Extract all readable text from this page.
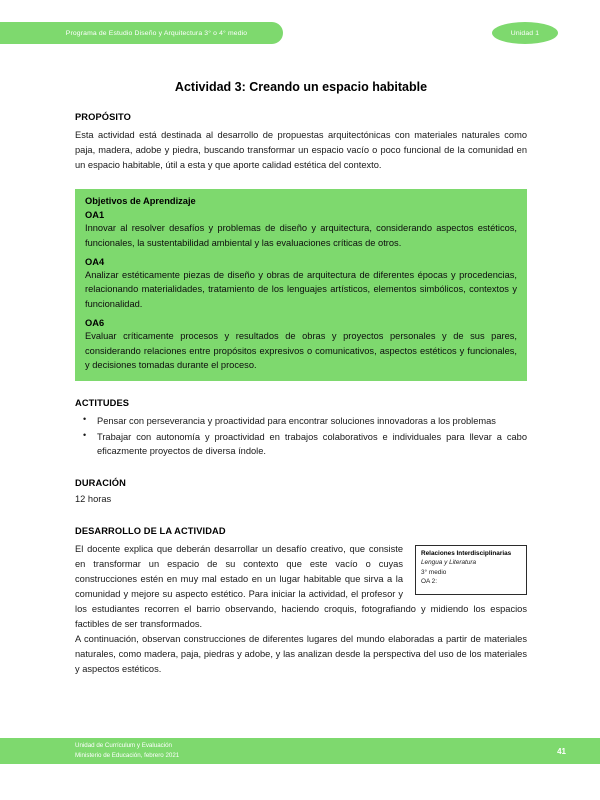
Programa de Estudio Diseño y Arquitectura 3° o 4° medio	Unidad 1
Actividad 3: Creando un espacio habitable
PROPÓSITO

Esta actividad está destinada al desarrollo de propuestas arquitectónicas con materiales naturales como paja, madera, adobe y piedra, buscando transformar un espacio vacío o poco funcional de la comunidad en un espacio habitable, útil a esta y que aporte calidad estética del contexto.

Objetivos de Aprendizaje
OA1

Innovar al resolver desafíos y problemas de diseño y arquitectura, considerando aspectos estéticos, funcionales, la sustentabilidad ambiental y las evaluaciones críticas de otros.

OA4

Analizar estéticamente piezas de diseño y obras de arquitectura de diferentes épocas y procedencias, relacionando materialidades, tratamiento de los lenguajes artísticos, elementos simbólicos, contextos y funcionalidad.

OA6

Evaluar críticamente procesos y resultados de obras y proyectos personales y de sus pares, considerando relaciones entre propósitos expresivos o comunicativos, aspectos estéticos y funcionales, y decisiones tomadas durante el proceso.

ACTITUDES
• Pensar con perseverancia y proactividad para encontrar soluciones innovadoras a los problemas
• Trabajar con autonomía y proactividad en trabajos colaborativos e individuales para llevar a cabo eficazmente proyectos de diversa índole.
DURACIÓN

12 horas

DESARROLLO DE LA ACTIVIDAD
Relaciones Interdisciplinarias
Lengua y Literatura
3° medio
OA 2:

El docente explica que deberán desarrollar un desafío creativo, que consiste en transformar un espacio de su contexto que este vacío o cuyas construcciones estén en muy mal estado en un lugar habitable que sirva a la comunidad y mejore su aspecto estético. Para iniciar la actividad, el profesor y los estudiantes recorren el barrio observando, haciendo croquis, fotografiando y midiendo los espacios factibles de ser transformados.

A continuación, observan construcciones de diferentes lugares del mundo elaboradas a partir de materiales naturales, como madera, paja, piedras y adobe, y las analizan desde la perspectiva del uso de los materiales y aspectos estéticos.

Unidad de Currículum y Evaluación
Ministerio de Educación, febrero 2021	41
